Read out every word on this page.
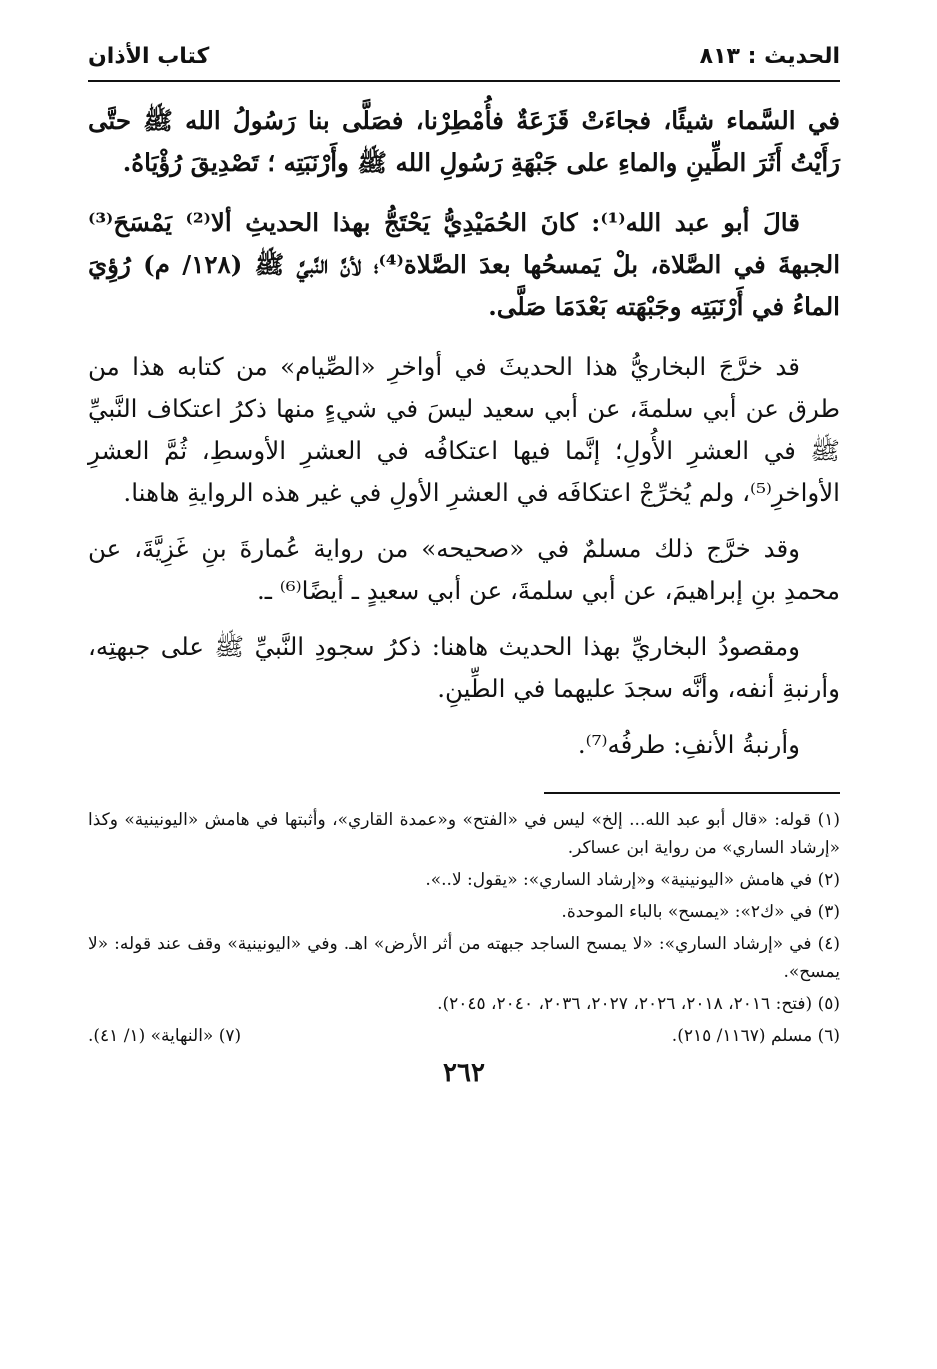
الحديث : ٨١٣
كتاب الأذان

في السَّماء شيئًا، فجاءَتْ قَزَعَةٌ فأُمْطِرْنا، فصَلَّى بنا رَسُولُ الله ﷺ حتَّى رَأَيْتُ أَثَرَ الطِّينِ والماءِ على جَبْهَةِ رَسُولِ الله ﷺ وأَرْنَبَتِه ؛ تَصْدِيقَ رُؤْيَاهُ.

قالَ أبو عبد الله⁽¹⁾: كانَ الحُمَيْدِيُّ يَحْتَجُّ بهذا الحديثِ ألا⁽²⁾ يَمْسَحَ⁽³⁾ الجبهةَ في الصَّلاة، بلْ يَمسحُها بعدَ الصَّلاة⁽⁴⁾؛ لأنَّ النَّبيَّ ﷺ (١٢٨/ م) رُؤِيَ الماءُ في أَرْنَبَتِه وجَبْهَته بَعْدَمَا صَلَّى.

قد خرَّجَ البخاريُّ هذا الحديثَ في أواخرِ «الصِّيام» من كتابه هذا من طرق عن أبي سلمةَ، عن أبي سعيد ليسَ في شيءٍ منها ذكرُ اعتكاف النَّبيِّ ﷺ في العشرِ الأُولِ؛ إنَّما فيها اعتكافُه في العشرِ الأوسطِ، ثُمَّ العشرِ الأواخرِ⁽⁵⁾، ولم يُخرِّجْ اعتكافَه في العشرِ الأولِ في غير هذه الروايةِ هاهنا.

وقد خرَّج ذلك مسلمٌ في «صحيحه» من رواية عُمارةَ بنِ غَزِيَّةَ، عن محمدِ بنِ إبراهيمَ، عن أبي سلمةَ، عن أبي سعيدٍ ـ أيضًا⁽⁶⁾ ـ.

ومقصودُ البخاريِّ بهذا الحديث هاهنا: ذكرُ سجودِ النَّبيِّ ﷺ على جبهتِه، وأرنبةِ أنفه، وأنَّه سجدَ عليهما في الطِّينِ.

وأرنبةُ الأنفِ: طرفُه⁽⁷⁾.

(١) قوله: «قال أبو عبد الله... إلخ» ليس في «الفتح» و«عمدة القاري»، وأثبتها في هامش «اليونينية» وكذا «إرشاد الساري» من رواية ابن عساكر.

(٢) في هامش «اليونينية» و«إرشاد الساري»: «يقول: لا..».

(٣) في «ك٢»: «يمسح» بالباء الموحدة.

(٤) في «إرشاد الساري»: «لا يمسح الساجد جبهته من أثر الأرض» اهـ. وفي «اليونينية» وقف عند قوله: «لا يمسح».

(٥) (فتح: ٢٠١٦، ٢٠١٨، ٢٠٢٦، ٢٠٢٧، ٢٠٣٦، ٢٠٤٠، ٢٠٤٥).

(٦) مسلم (١١٦٧/ ٢١٥).
(٧) «النهاية» (١/ ٤١).
٢٦٢
